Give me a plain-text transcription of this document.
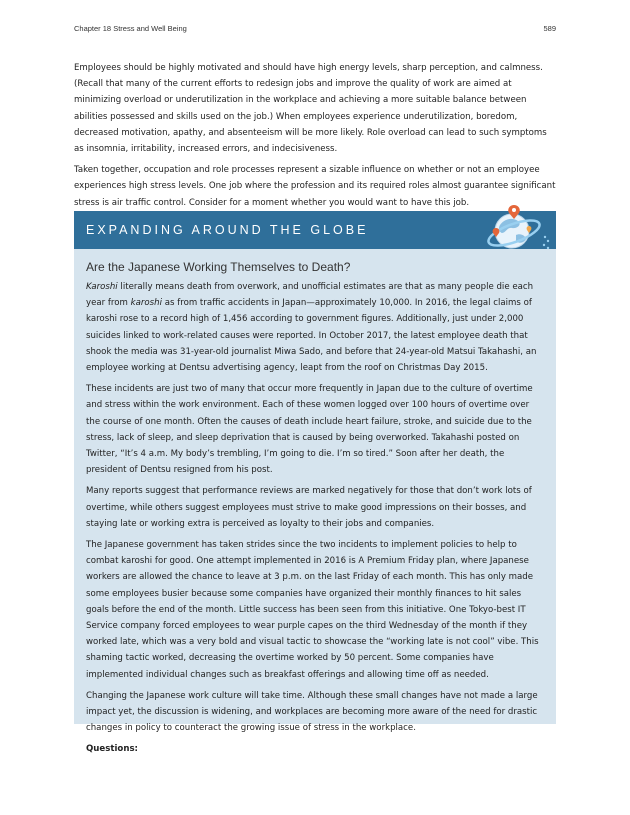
Chapter 18 Stress and Well Being	589

Employees should be highly motivated and should have high energy levels, sharp perception, and calmness. (Recall that many of the current efforts to redesign jobs and improve the quality of work are aimed at minimizing overload or underutilization in the workplace and achieving a more suitable balance between abilities possessed and skills used on the job.) When employees experience underutilization, boredom, decreased motivation, apathy, and absenteeism will be more likely. Role overload can lead to such symptoms as insomnia, irritability, increased errors, and indecisiveness.

Taken together, occupation and role processes represent a sizable influence on whether or not an employee experiences high stress levels. One job where the profession and its required roles almost guarantee significant stress is air traffic control. Consider for a moment whether you would want to have this job.

EXPANDING AROUND THE GLOBE
Are the Japanese Working Themselves to Death?

Karoshi literally means death from overwork, and unofficial estimates are that as many people die each year from karoshi as from traffic accidents in Japan—approximately 10,000. In 2016, the legal claims of karoshi rose to a record high of 1,456 according to government figures. Additionally, just under 2,000 suicides linked to work-related causes were reported. In October 2017, the latest employee death that shook the media was 31-year-old journalist Miwa Sado, and before that 24-year-old Matsui Takahashi, an employee working at Dentsu advertising agency, leapt from the roof on Christmas Day 2015.

These incidents are just two of many that occur more frequently in Japan due to the culture of overtime and stress within the work environment. Each of these women logged over 100 hours of overtime over the course of one month. Often the causes of death include heart failure, stroke, and suicide due to the stress, lack of sleep, and sleep deprivation that is caused by being overworked. Takahashi posted on Twitter, “It’s 4 a.m. My body’s trembling, I’m going to die. I’m so tired.” Soon after her death, the president of Dentsu resigned from his post.

Many reports suggest that performance reviews are marked negatively for those that don’t work lots of overtime, while others suggest employees must strive to make good impressions on their bosses, and staying late or working extra is perceived as loyalty to their jobs and companies.

The Japanese government has taken strides since the two incidents to implement policies to help to combat karoshi for good. One attempt implemented in 2016 is A Premium Friday plan, where Japanese workers are allowed the chance to leave at 3 p.m. on the last Friday of each month. This has only made some employees busier because some companies have organized their monthly finances to hit sales goals before the end of the month. Little success has been seen from this initiative. One Tokyo-best IT Service company forced employees to wear purple capes on the third Wednesday of the month if they worked late, which was a very bold and visual tactic to showcase the “working late is not cool” vibe. This shaming tactic worked, decreasing the overtime worked by 50 percent. Some companies have implemented individual changes such as breakfast offerings and allowing time off as needed.

Changing the Japanese work culture will take time. Although these small changes have not made a large impact yet, the discussion is widening, and workplaces are becoming more aware of the need for drastic changes in policy to counteract the growing issue of stress in the workplace.

Questions:
